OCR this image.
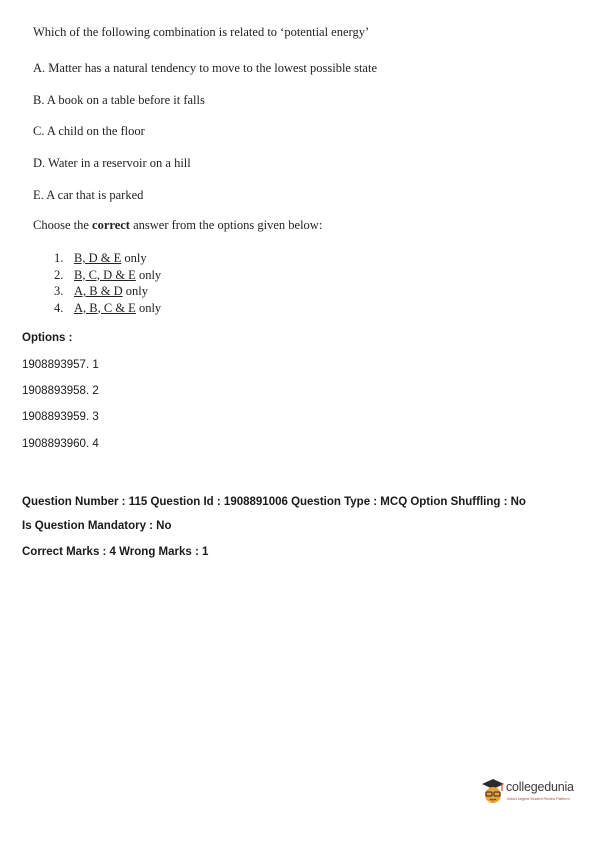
Which of the following combination is related to ‘potential energy’
A. Matter has a natural tendency to move to the lowest possible state
B. A book on a table before it falls
C. A child on the floor
D. Water in a reservoir on a hill
E. A car that is parked
Choose the correct answer from the options given below:
1. B, D & E only
2. B, C, D & E only
3. A, B & D only
4. A, B, C & E only
Options :
1908893957. 1
1908893958. 2
1908893959. 3
1908893960. 4
Question Number : 115 Question Id : 1908891006 Question Type : MCQ Option Shuffling : No
Is Question Mandatory : No
Correct Marks : 4 Wrong Marks : 1
collegedunia
India's largest Student Review Platform
